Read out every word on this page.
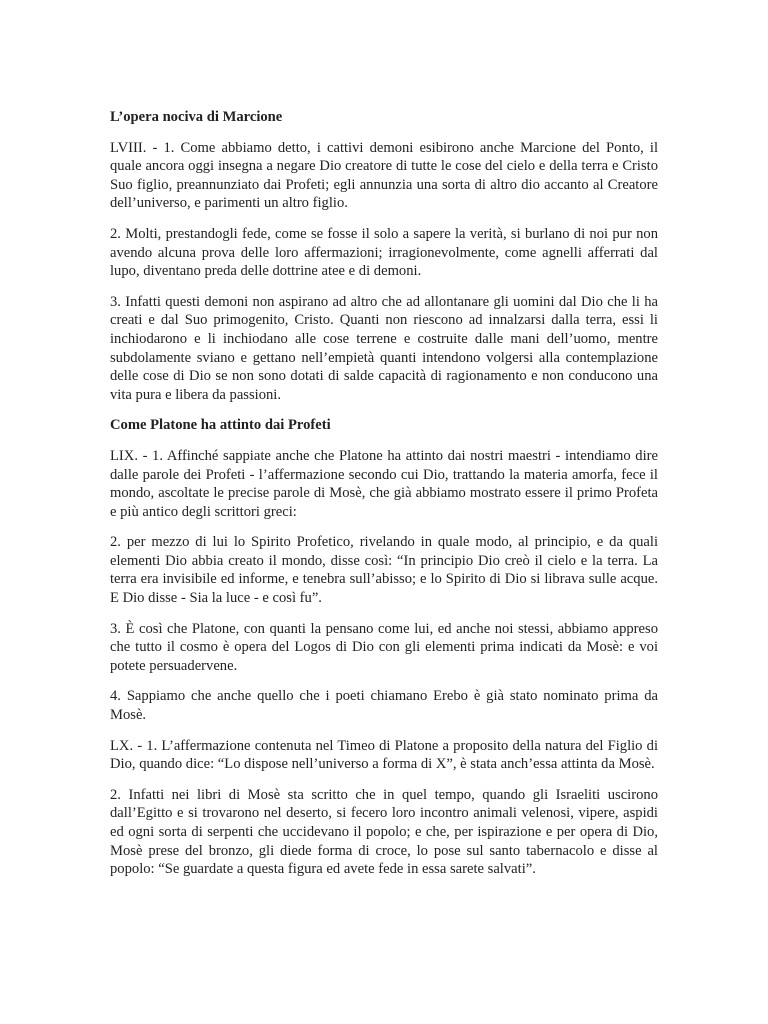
L’opera nociva di Marcione

LVIII. - 1. Come abbiamo detto, i cattivi demoni esibirono anche Marcione del Ponto, il quale ancora oggi insegna a negare Dio creatore di tutte le cose del cielo e della terra e Cristo Suo figlio, preannunziato dai Profeti; egli annunzia una sorta di altro dio accanto al Creatore dell’universo, e parimenti un altro figlio.

2. Molti, prestandogli fede, come se fosse il solo a sapere la verità, si burlano di noi pur non avendo alcuna prova delle loro affermazioni; irragionevolmente, come agnelli afferrati dal lupo, diventano preda delle dottrine atee e di demoni.

3. Infatti questi demoni non aspirano ad altro che ad allontanare gli uomini dal Dio che li ha creati e dal Suo primogenito, Cristo. Quanti non riescono ad innalzarsi dalla terra, essi li inchiodarono e li inchiodano alle cose terrene e costruite dalle mani dell’uomo, mentre subdolamente sviano e gettano nell’empietà quanti intendono volgersi alla contemplazione delle cose di Dio se non sono dotati di salde capacità di ragionamento e non conducono una vita pura e libera da passioni.

Come Platone ha attinto dai Profeti

LIX. - 1. Affinché sappiate anche che Platone ha attinto dai nostri maestri - intendiamo dire dalle parole dei Profeti - l’affermazione secondo cui Dio, trattando la materia amorfa, fece il mondo, ascoltate le precise parole di Mosè, che già abbiamo mostrato essere il primo Profeta e più antico degli scrittori greci:

2. per mezzo di lui lo Spirito Profetico, rivelando in quale modo, al principio, e da quali elementi Dio abbia creato il mondo, disse così: “In principio Dio creò il cielo e la terra. La terra era invisibile ed informe, e tenebra sull’abisso; e lo Spirito di Dio si librava sulle acque. E Dio disse - Sia la luce - e così fu”.

3. È così che Platone, con quanti la pensano come lui, ed anche noi stessi, abbiamo appreso che tutto il cosmo è opera del Logos di Dio con gli elementi prima indicati da Mosè: e voi potete persuadervene.

4. Sappiamo che anche quello che i poeti chiamano Erebo è già stato nominato prima da Mosè.

LX. - 1. L’affermazione contenuta nel Timeo di Platone a proposito della natura del Figlio di Dio, quando dice: “Lo dispose nell’universo a forma di X”, è stata anch’essa attinta da Mosè.

2. Infatti nei libri di Mosè sta scritto che in quel tempo, quando gli Israeliti uscirono dall’Egitto e si trovarono nel deserto, si fecero loro incontro animali velenosi, vipere, aspidi ed ogni sorta di serpenti che uccidevano il popolo; e che, per ispirazione e per opera di Dio, Mosè prese del bronzo, gli diede forma di croce, lo pose sul santo tabernacolo e disse al popolo: “Se guardate a questa figura ed avete fede in essa sarete salvati”.
